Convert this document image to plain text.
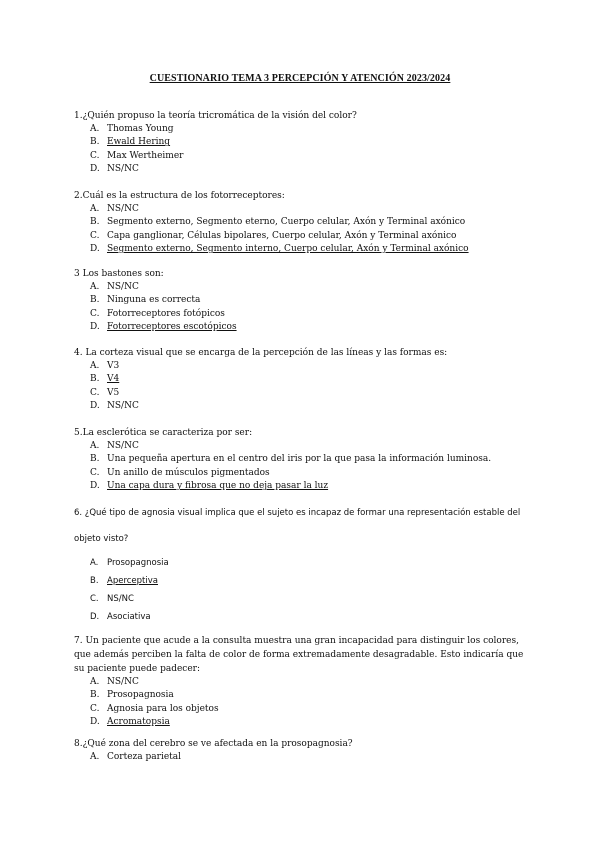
CUESTIONARIO TEMA 3 PERCEPCIÓN Y ATENCIÓN 2023/2024
1.¿Quién propuso la teoría tricromática de la visión del color?
A. Thomas Young
B. Ewald Hering
C. Max Wertheimer
D. NS/NC
2.Cuál es la estructura de los fotorreceptores:
A. NS/NC
B. Segmento externo, Segmento eterno, Cuerpo celular, Axón y Terminal axónico
C. Capa ganglionar, Células bipolares, Cuerpo celular, Axón y Terminal axónico
D. Segmento externo, Segmento interno, Cuerpo celular, Axón y Terminal axónico
3 Los bastones son:
A. NS/NC
B. Ninguna es correcta
C. Fotorreceptores fotópicos
D. Fotorreceptores escotópicos
4. La corteza visual que se encarga de la percepción de las líneas y las formas es:
A. V3
B. V4
C. V5
D. NS/NC
5.La esclerótica se caracteriza por ser:
A. NS/NC
B. Una pequeña apertura en el centro del iris por la que pasa la información luminosa.
C. Un anillo de músculos pigmentados
D. Una capa dura y fibrosa que no deja pasar la luz
6. ¿Qué tipo de agnosia visual implica que el sujeto es incapaz de formar una representación estable del objeto visto?
A. Prosopagnosia
B. Aperceptiva
C. NS/NC
D. Asociativa
7. Un paciente que acude a la consulta muestra una gran incapacidad para distinguir los colores, que además perciben la falta de color de forma extremadamente desagradable. Esto indicaría que su paciente puede padecer:
A. NS/NC
B. Prosopagnosia
C. Agnosia para los objetos
D. Acromatopsia
8.¿Qué zona del cerebro se ve afectada en la prosopagnosia?
A. Corteza parietal
